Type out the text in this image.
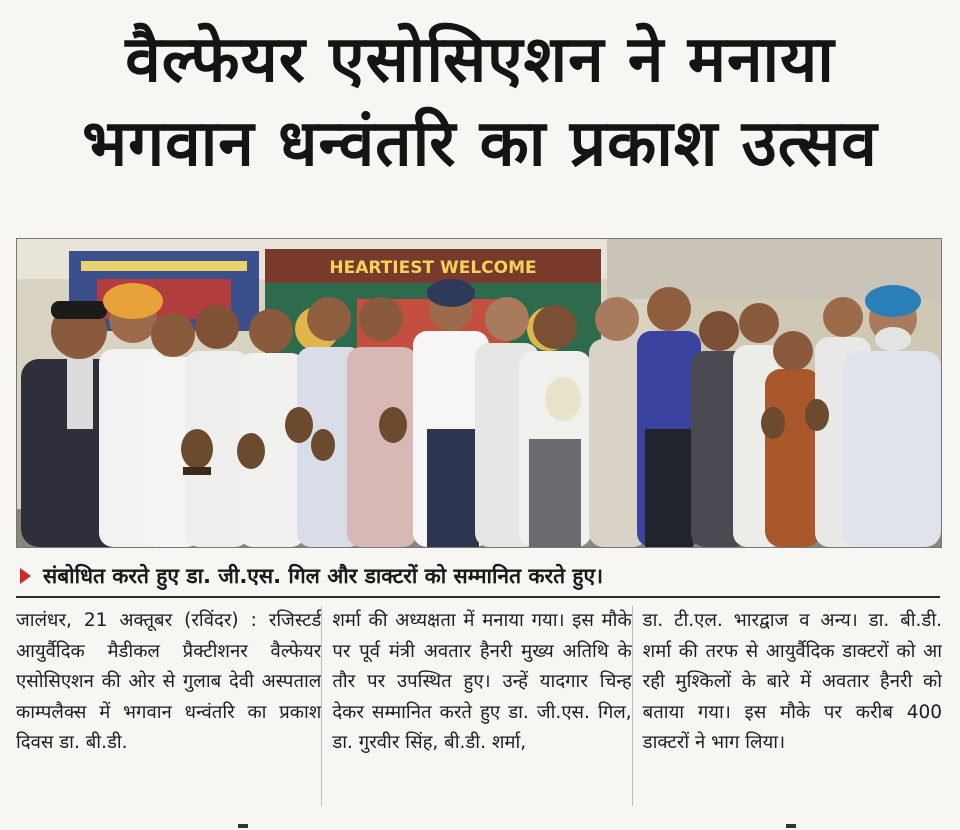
वैल्फेयर एसोसिएशन ने मनाया
भगवान धन्वंतरि का प्रकाश उत्सव
HEARTIEST WELCOME
संबोधित करते हुए डा. जी.एस. गिल और डाक्टरों को सम्मानित करते हुए।
जालंधर, 21 अक्तूबर (रविंदर) : रजिस्टर्ड आयुर्वैदिक मैडीकल प्रैक्टीशनर वैल्फेयर एसोसिएशन की ओर से गुलाब देवी अस्पताल काम्पलैक्स में भगवान धन्वंतरि का प्रकाश दिवस डा. बी.डी.
शर्मा की अध्यक्षता में मनाया गया। इस मौके पर पूर्व मंत्री अवतार हैनरी मुख्य अतिथि के तौर पर उपस्थित हुए। उन्हें यादगार चिन्ह देकर सम्मानित करते हुए डा. जी.एस. गिल, डा. गुरवीर सिंह, बी.डी. शर्मा,
डा. टी.एल. भारद्वाज व अन्य। डा. बी.डी. शर्मा की तरफ से आयुर्वैदिक डाक्टरों को आ रही मुश्किलों के बारे में अवतार हैनरी को बताया गया। इस मौके पर करीब 400 डाक्टरों ने भाग लिया।
